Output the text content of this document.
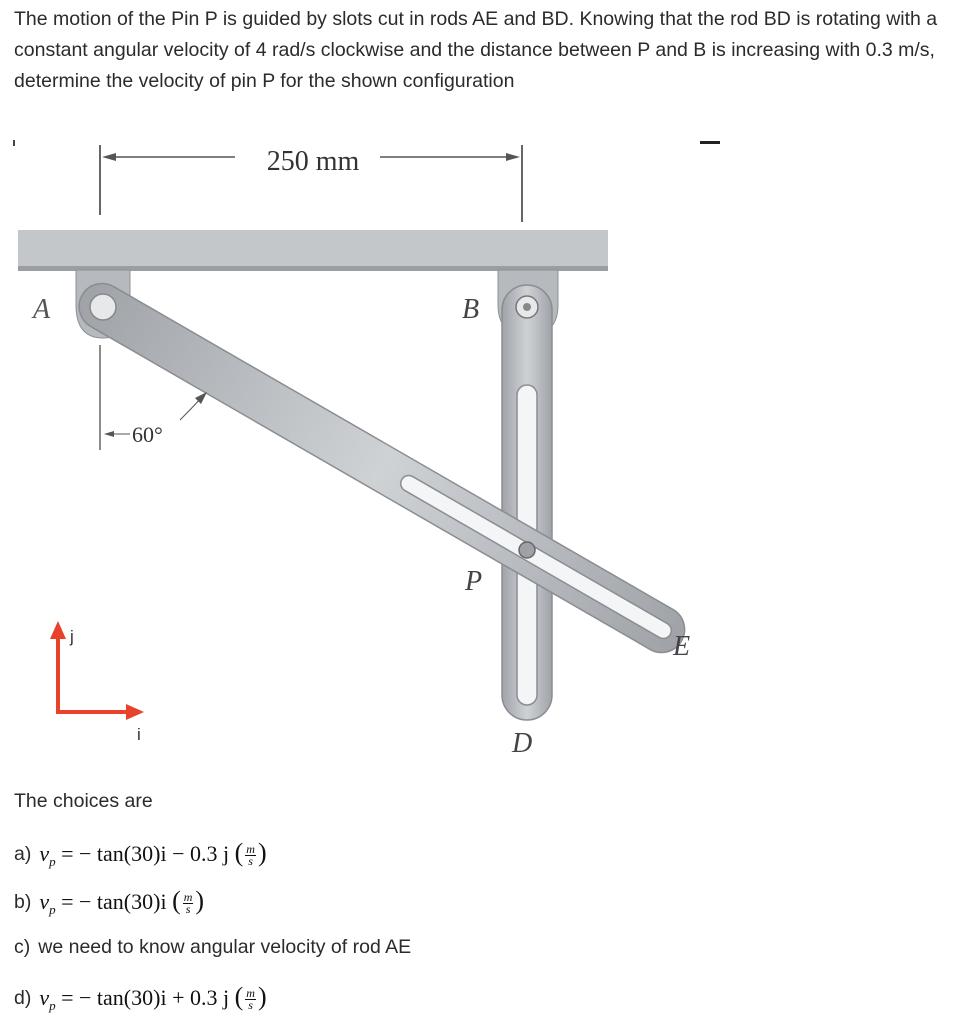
The motion of the Pin P is guided by slots cut in rods AE and BD. Knowing that the rod BD is rotating with a constant angular velocity of 4 rad/s clockwise and the distance between P and B is increasing with 0.3 m/s, determine the velocity of pin P for the shown configuration

250 mm
60°
A	B
P
E
D
j
i
The choices are
a) $v_p$ = − tan(30)i − 0.3 j ( $\frac{m}{s}$ )
b) $v_p$ = − tan(30)i ( $\frac{m}{s}$ )
c) we need to know angular velocity of rod AE
d) $v_p$ = − tan(30)i + 0.3 j ( $\frac{m}{s}$ )
